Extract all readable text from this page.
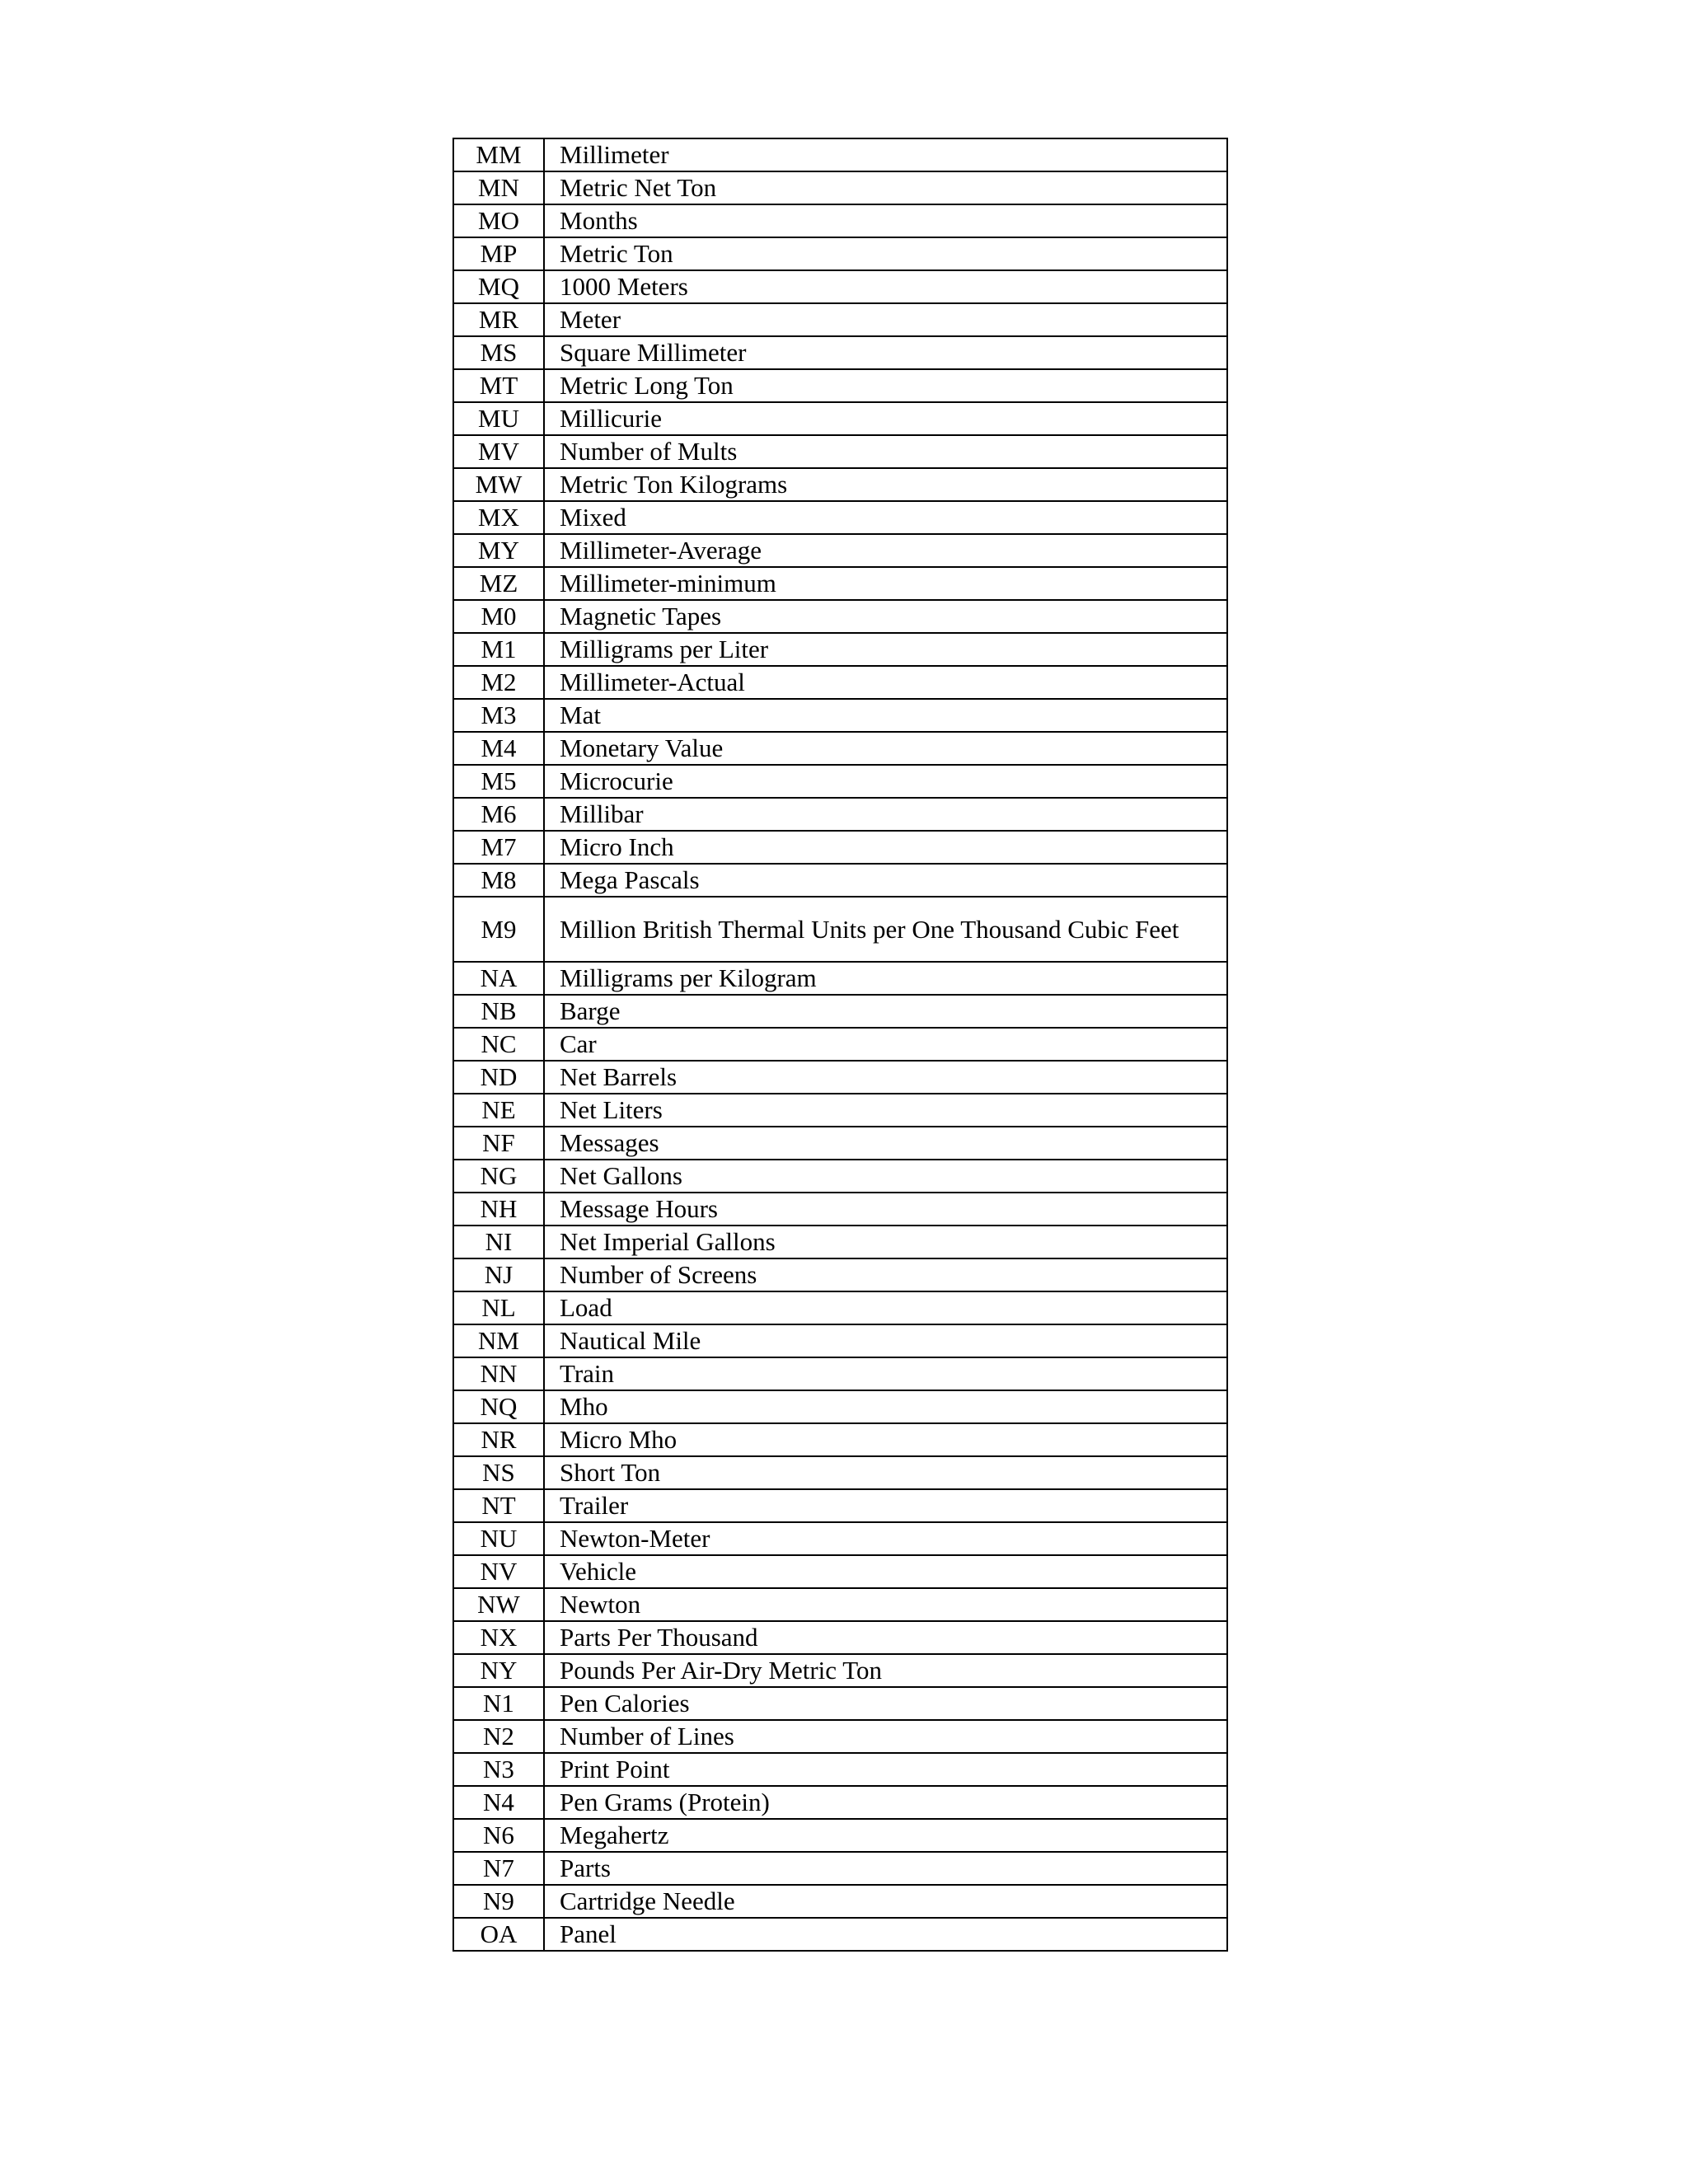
MM	Millimeter
MN	Metric Net Ton
MO	Months
MP	Metric Ton
MQ	1000 Meters
MR	Meter
MS	Square Millimeter
MT	Metric Long Ton
MU	Millicurie
MV	Number of Mults
MW	Metric Ton Kilograms
MX	Mixed
MY	Millimeter-Average
MZ	Millimeter-minimum
M0	Magnetic Tapes
M1	Milligrams per Liter
M2	Millimeter-Actual
M3	Mat
M4	Monetary Value
M5	Microcurie
M6	Millibar
M7	Micro Inch
M8	Mega Pascals
M9	Million British Thermal Units per One Thousand Cubic Feet
NA	Milligrams per Kilogram
NB	Barge
NC	Car
ND	Net Barrels
NE	Net Liters
NF	Messages
NG	Net Gallons
NH	Message Hours
NI	Net Imperial Gallons
NJ	Number of Screens
NL	Load
NM	Nautical Mile
NN	Train
NQ	Mho
NR	Micro Mho
NS	Short Ton
NT	Trailer
NU	Newton-Meter
NV	Vehicle
NW	Newton
NX	Parts Per Thousand
NY	Pounds Per Air-Dry Metric Ton
N1	Pen Calories
N2	Number of Lines
N3	Print Point
N4	Pen Grams (Protein)
N6	Megahertz
N7	Parts
N9	Cartridge Needle
OA	Panel
